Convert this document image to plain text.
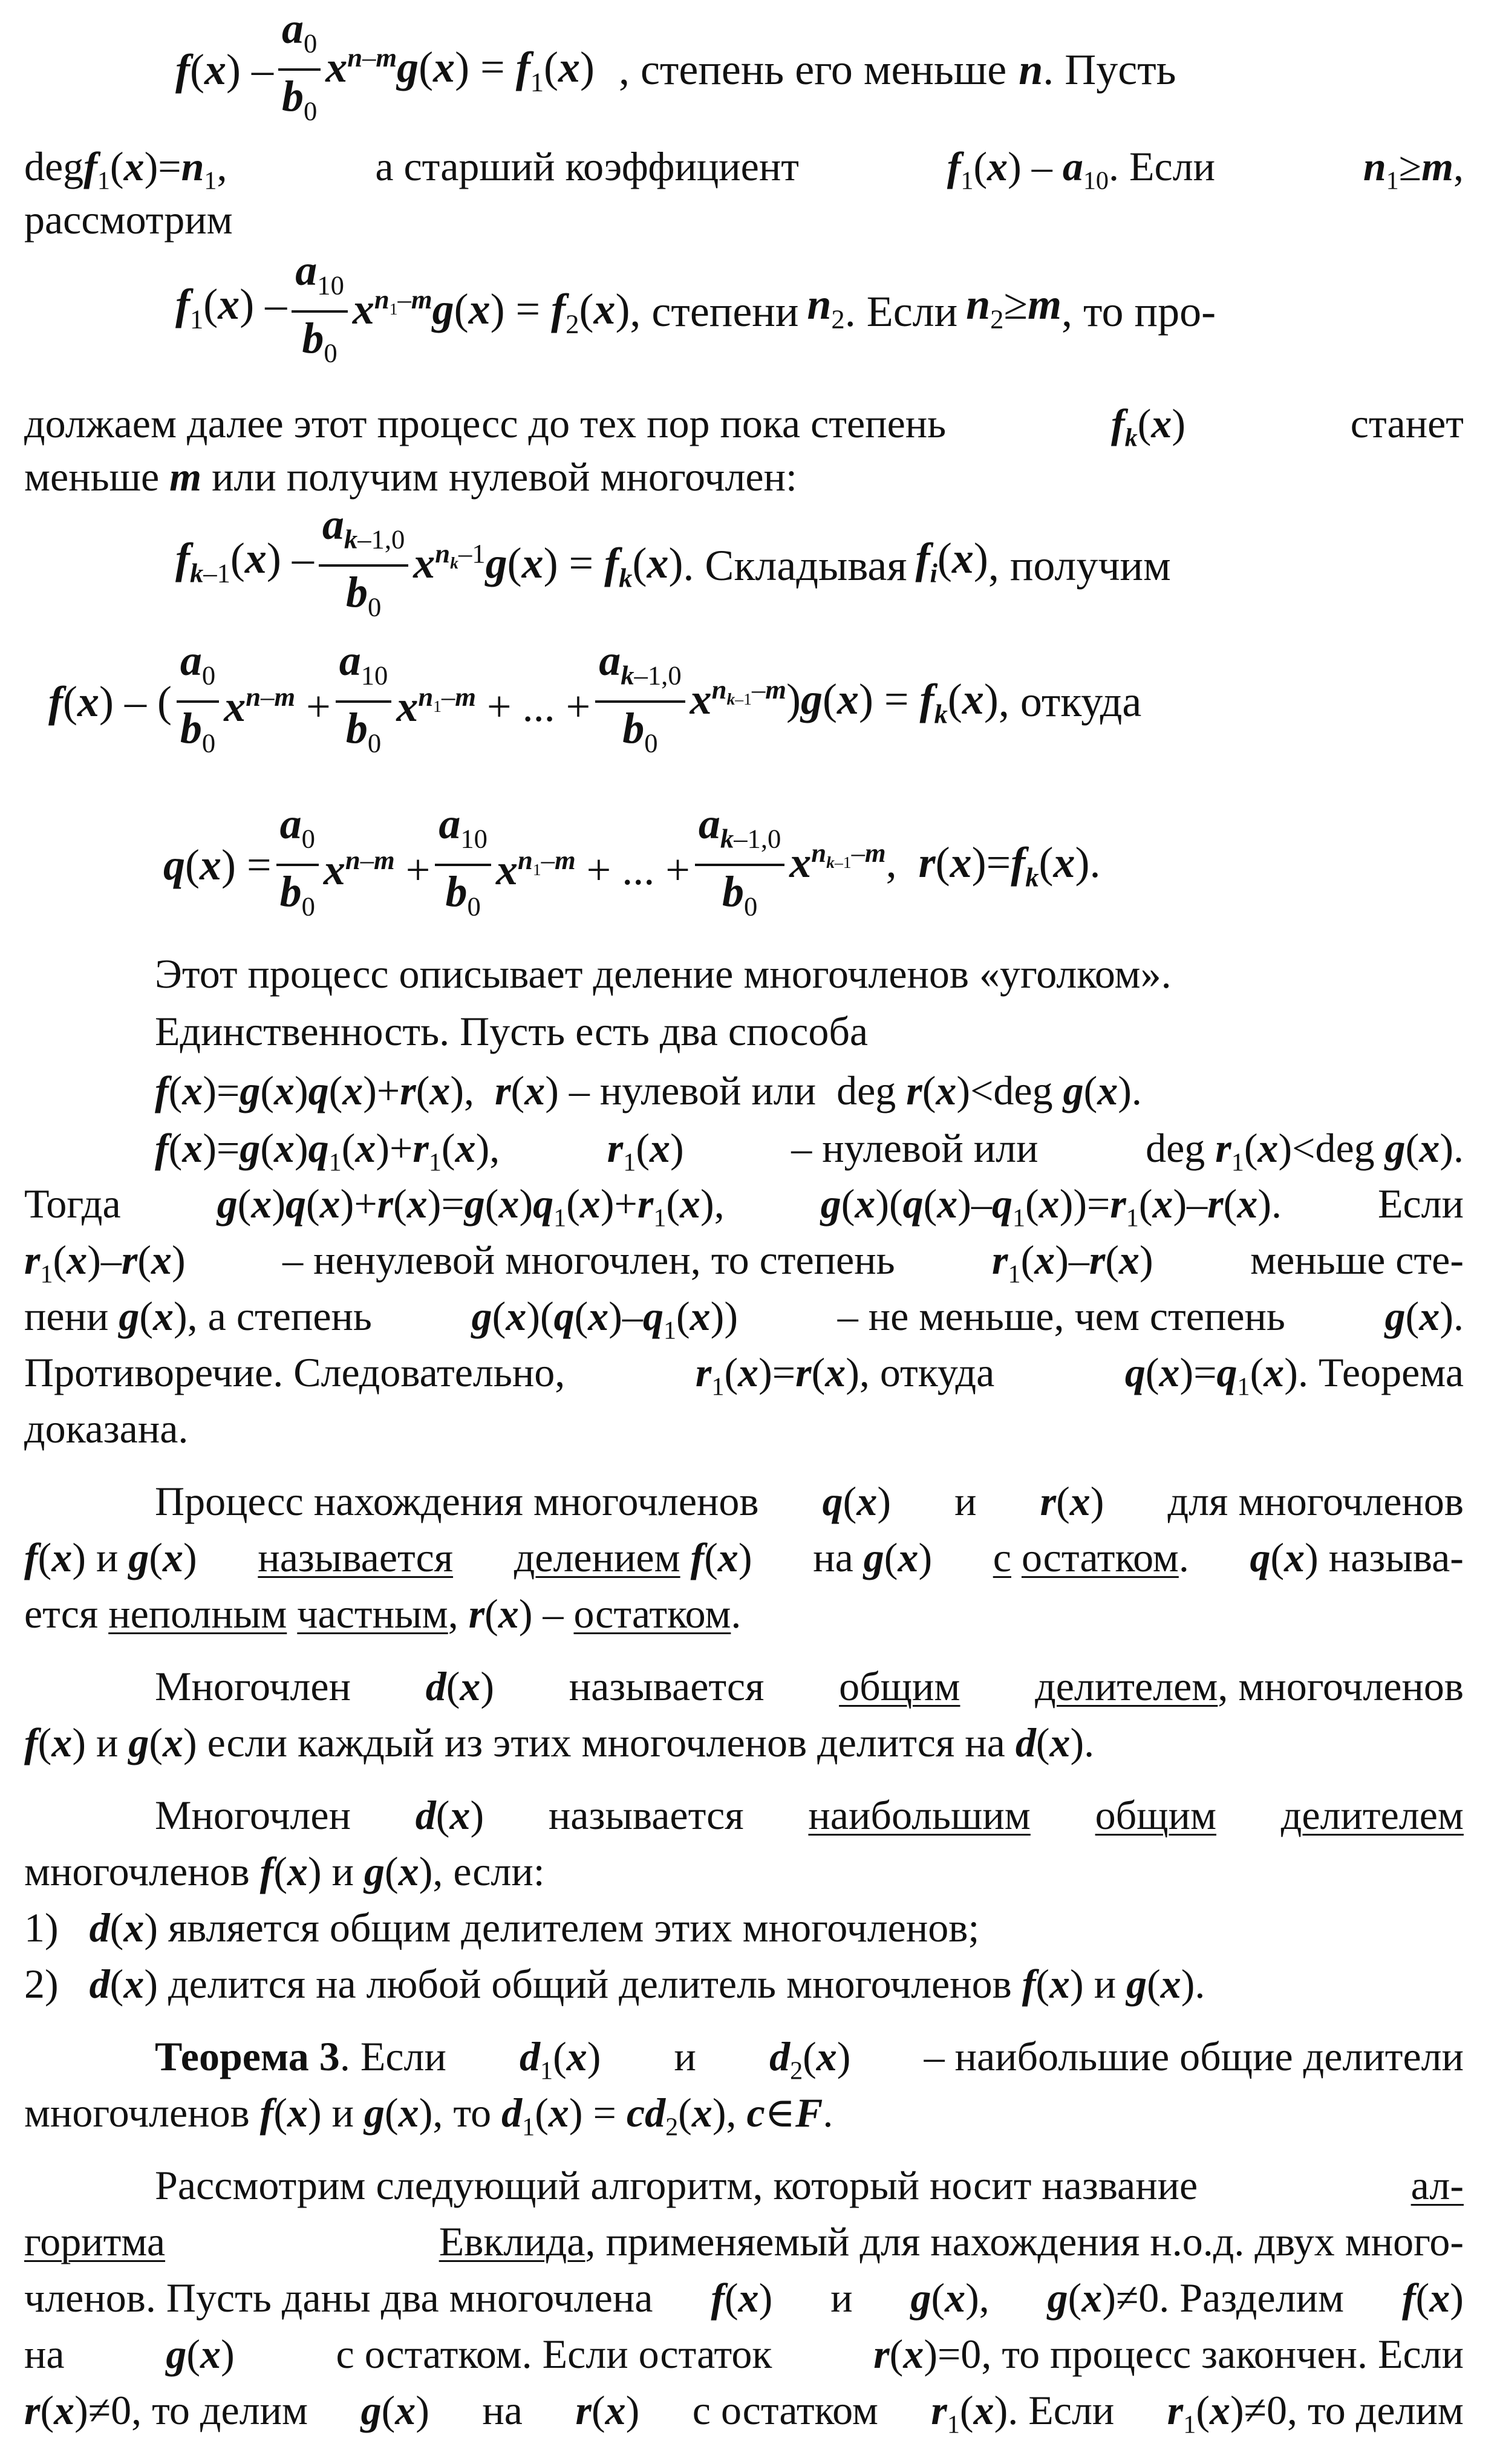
f(x) –
$a_0$
$b_0$
$x^{n-m}g(x) = f_1(x)$ , степень его меньше n . Пусть
$degf_1(x)=n_1$,	а старший коэффициент	$f_1(x) - a_{10}$. Если	$n_1\ge m$,
рассмотрим
$f_1(x)$ –
$a_{10}$
$b_0$
$x^{n_1-m}g(x) = f_2(x)$ , степени $n_2$ . Если $n_2\ge m$ , то про-
должаем далее этот процесс до тех пор пока степень	$f_k(x)$	станет
меньше m или получим нулевой многочлен:
$f_{k-1}(x)$ –
$a_{k-1,0}$
$b_0$
$x^{n_k-1}g(x) = f_k(x)$ . Складывая $f_i(x)$ , получим
f(x) – (
$a_0$
$b_0$
$x^{n-m} + \frac{a_{10}}{b_0} x^{n_1-m}$ + ... + $\frac{a_{k-1,0}}{b_0} x^{n_{k-1}-m})g(x) = f_k(x)$ , откуда
$q(x) = \frac{a_0}{b_0} x^{n-m} + \frac{a_{10}}{b_0} x^{n_1-m}$ + ... + $\frac{a_{k-1,0}}{b_0} x^{n_{k-1}-m}$,  $r(x)=f_k(x)$.
Этот процесс описывает деление многочленов «уголком».
Единственность. Пусть есть два способа
f(x)=g(x)q(x)+r(x),  r(x) – нулевой или deg r(x)<deg g(x).
$f(x)=g(x)q_1(x)+r_1(x)$,	$r_1(x)$	– нулевой или	deg $r_1(x)<deg$ g(x).
Тогда $g(x)q(x)+r(x)=g(x)q_1(x)+r_1(x)$, $g(x)(q(x)-q_1(x))=r_1(x)-r(x)$. Если
$r_1(x)-r(x)$ – ненулевой многочлен, то степень $r_1(x)-r(x)$ меньше сте-
пени g(x), а степень $g(x)(q(x)-q_1(x))$ – не меньше, чем степень g(x).
Противоречие. Следовательно,	$r_1(x)=r(x)$, откуда	$q(x)=q_1(x)$. Теорема
доказана.
Процесс нахождения многочленов q(x) и r(x) для многочленов
f(x) и g(x) называется делением f(x) на g(x) с остатком. q(x) называ-
ется неполным частным, r(x) – остатком.
Многочлен d(x) называется общим делителем, многочленов
f(x) и g(x) если каждый из этих многочленов делится на d(x).
Многочлен d(x) называется наибольшим общим делителем
многочленов f(x) и g(x), если:
1) d(x) является общим делителем этих многочленов;
2) d(x) делится на любой общий делитель многочленов f(x) и g(x).
Теорема 3. Если $d_1(x)$ и $d_2(x)$ – наибольшие общие делители
многочленов f(x) и g(x), то $d_1(x) = cd_2(x)$, c∈F.
Рассмотрим следующий алгоритм, который носит название	ал-
горитма	Евклида, применяемый для нахождения н.о.д. двух много-
членов. Пусть даны два многочлена f(x) и g(x), g(x)≠0. Разделим f(x)
на g(x) с остатком. Если остаток r(x)=0, то процесс закончен. Если
r(x)≠0, то делим g(x) на r(x) с остатком $r_1(x)$. Если $r_1(x)\ne 0$, то делим
